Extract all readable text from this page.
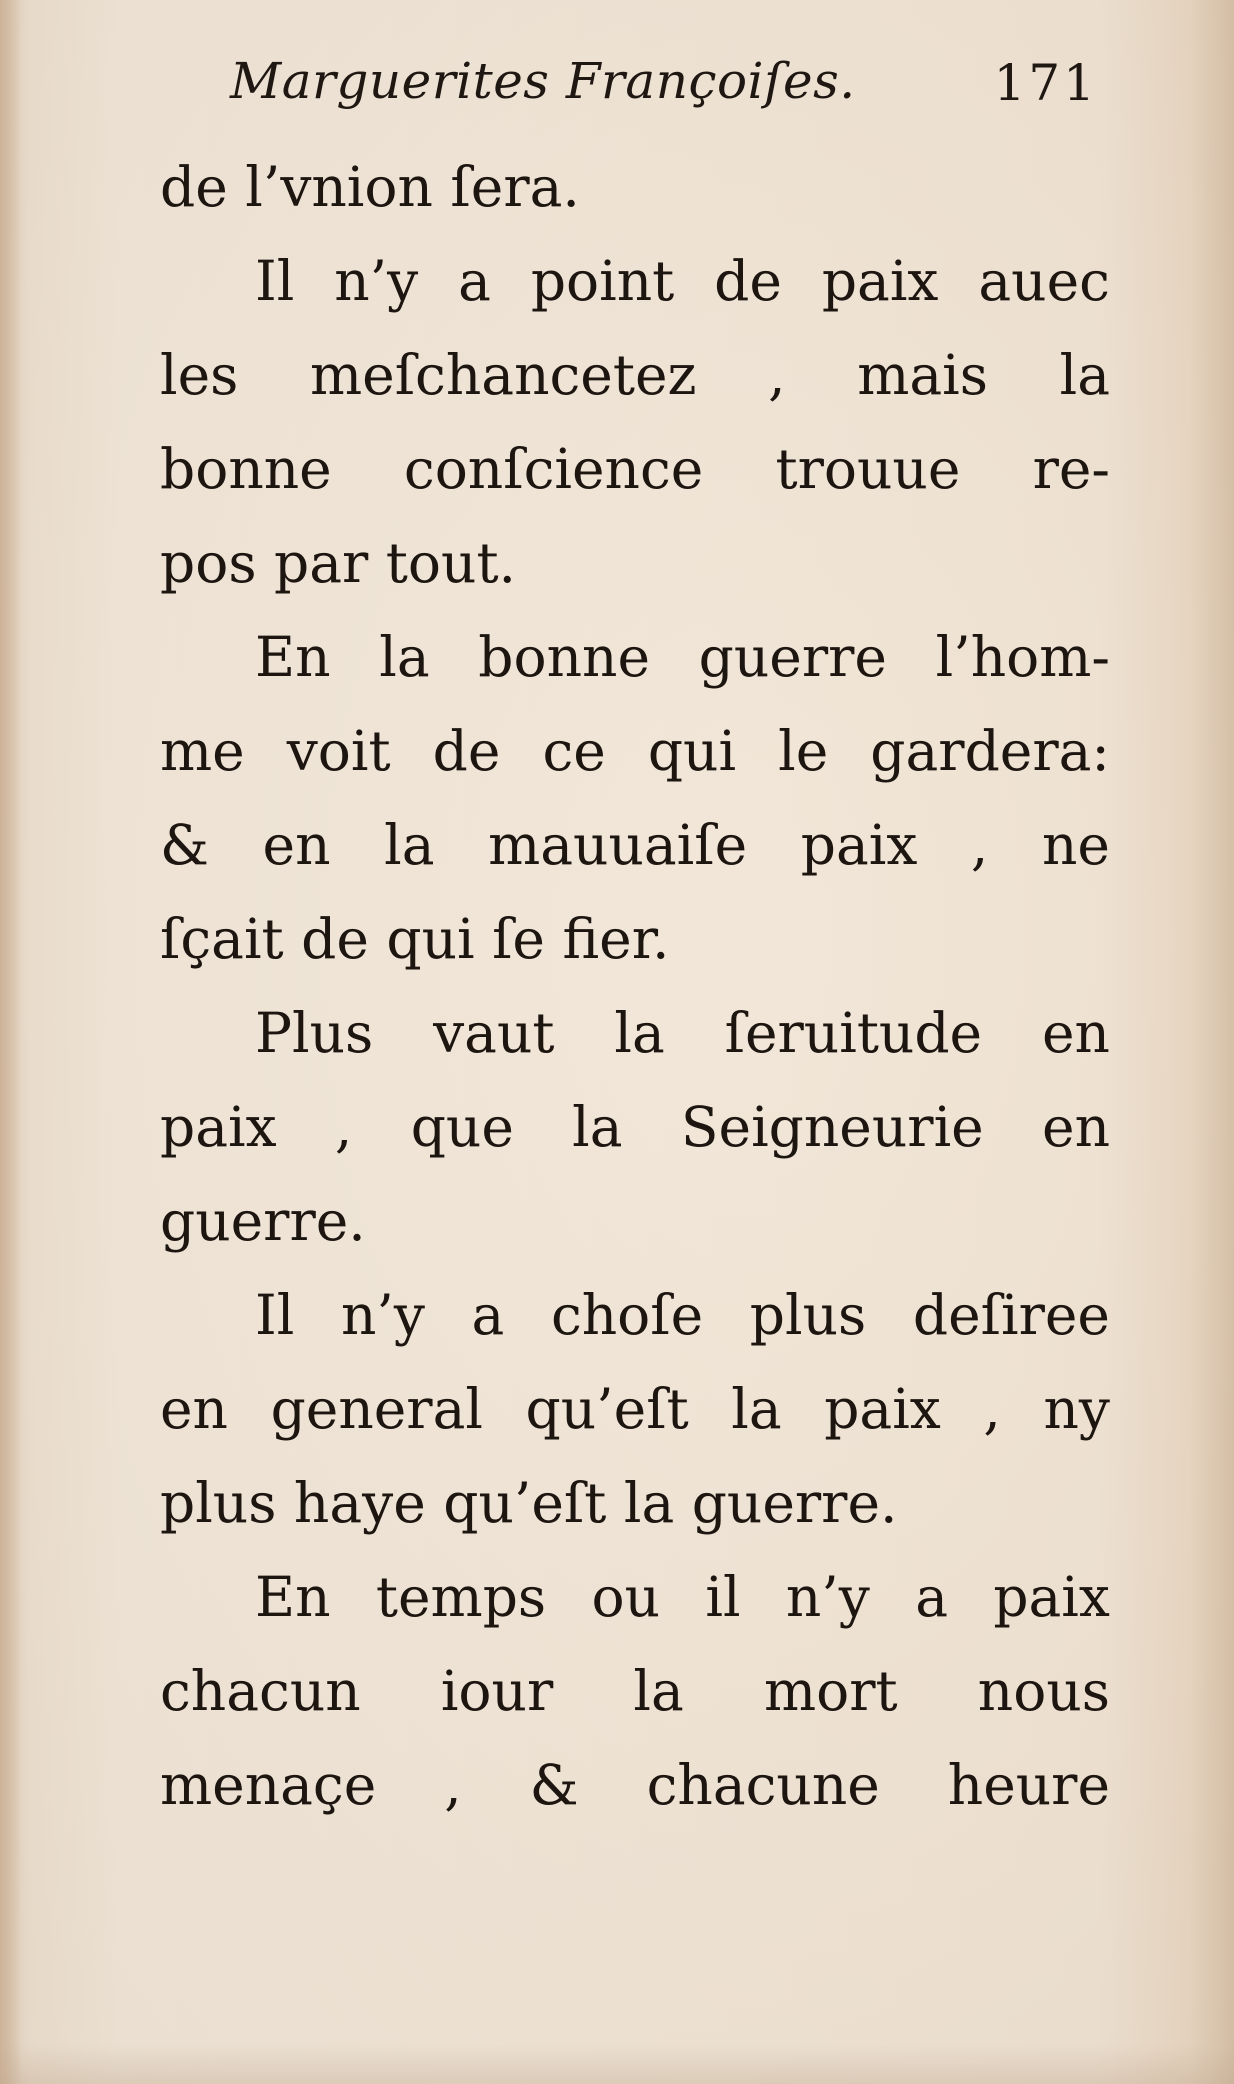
Marguerites Françoiſes.	171
de l’vnion ſera.
Il n’y a point de paix auec
les meſchancetez , mais la
bonne conſcience trouue re-
pos par tout.
En la bonne guerre l’hom-
me voit de ce qui le gardera:
& en la mauuaiſe paix , ne
ſçait de qui ſe fier.
Plus vaut la ſeruitude en
paix , que la Seigneurie en
guerre.
Il n’y a choſe plus deſiree
en general qu’eſt la paix , ny
plus haye qu’eſt la guerre.
En temps ou il n’y a paix
chacun iour la mort nous
menaçe , & chacune heure
